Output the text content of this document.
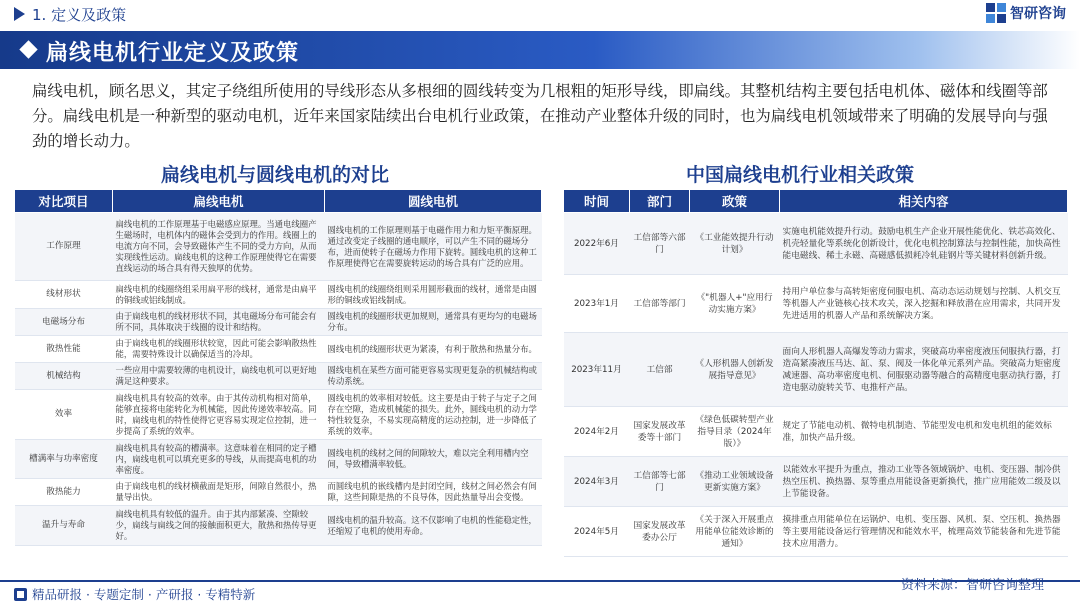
1. 定义及政策	智研咨询
扁线电机行业定义及政策

扁线电机，顾名思义，其定子绕组所使用的导线形态从多根细的圆线转变为几根粗的矩形导线，即扁线。其整机结构主要包括电机体、磁体和线圈等部分。扁线电机是一种新型的驱动电机，近年来国家陆续出台电机行业政策，在推动产业整体升级的同时，也为扁线电机领域带来了明确的发展导向与强劲的增长动力。

扁线电机与圆线电机的对比	中国扁线电机行业相关政策
对比项目	扁线电机	圆线电机
工作原理	扁线电机的工作原理基于电磁感应原理。当通电线圈产生磁场时，电机体内的磁体会受到力的作用。线圈上的电流方向不同，会导致磁体产生不同的受力方向，从而实现线性运动。扁线电机的这种工作原理使得它在需要直线运动的场合具有得天独厚的优势。	圆线电机的工作原理则基于电磁作用力和力矩平衡原理。通过改变定子线圈的通电顺序，可以产生不同的磁场分布，进而使转子在磁场力作用下旋转。圆线电机的这种工作原理使得它在需要旋转运动的场合具有广泛的应用。
线材形状	扁线电机的线圈绕组采用扁平形的线材，通常是由扁平的铜线或铝线制成。	圆线电机的线圈绕组则采用圆形截面的线材，通常是由圆形的铜线或铝线制成。
电磁场分布	由于扁线电机的线材形状不同，其电磁场分布可能会有所不同，具体取决于线圈的设计和结构。	圆线电机的线圈形状更加规则，通常具有更均匀的电磁场分布。
散热性能	由于扁线电机的线圈形状较宽，因此可能会影响散热性能，需要特殊设计以确保适当的冷却。	圆线电机的线圈形状更为紧凑，有利于散热和热量分布。
机械结构	一些应用中需要较薄的电机设计，扁线电机可以更好地满足这种要求。	圆线电机在某些方面可能更容易实现更复杂的机械结构或传动系统。
效率	扁线电机具有较高的效率。由于其传动机构相对简单，能够直接将电能转化为机械能，因此传递效率较高。同时，扁线电机的特性使得它更容易实现定位控制，进一步提高了系统的效率。	圆线电机的效率相对较低。这主要是由于转子与定子之间存在空隙，造成机械能的损失。此外，圆线电机的动力学特性较复杂，不易实现高精度的运动控制，进一步降低了系统的效率。
槽满率与功率密度	扁线电机具有较高的槽满率。这意味着在相同的定子槽内，扁线电机可以填充更多的导线，从而提高电机的功率密度。	圆线电机的线材之间的间隙较大，难以完全利用槽内空间，导致槽满率较低。
散热能力	由于扁线电机的线材横截面是矩形，间隙自然很小，热量导出快。	而圆线电机的嵌线槽内是封闭空间，线材之间必然会有间隙，这些间隙是热的不良导体，因此热量导出会变慢。
温升与寿命	扁线电机具有较低的温升。由于其内部紧凑、空隙较少，扁线与扁线之间的接触面积更大，散热和热传导更好。	圆线电机的温升较高。这不仅影响了电机的性能稳定性，还缩短了电机的使用寿命。
时间	部门	政策	相关内容
2022年6月	工信部等六部门	《工业能效提升行动计划》	实施电机能效提升行动。鼓励电机生产企业开展性能优化、铁芯高效化、机壳轻量化等系统化创新设计，优化电机控制算法与控制性能，加快高性能电磁线、稀土永磁、高磁感低损耗冷轧硅钢片等关键材料创新升级。
2023年1月	工信部等部门	《"机器人+"应用行动实施方案》	持用户单位参与高转矩密度伺服电机、高动态运动规划与控制、人机交互等机器人产业链核心技术攻关，深入挖掘和释放潜在应用需求，共同开发先进适用的机器人产品和系统解决方案。
2023年11月	工信部	《人形机器人创新发展指导意见》	面向人形机器人高爆发等动力需求，突破高功率密度液压伺服执行器，打造高紧凑液压马达、缸、泵、阀及一体化单元系列产品。突破高力矩密度减速器、高功率密度电机、伺服驱动器等融合的高精度电驱动执行器，打造电驱动旋转关节、电推杆产品。
2024年2月	国家发展改革委等十部门	《绿色低碳转型产业指导目录（2024年版）》	规定了节能电动机、微特电机制造、节能型发电机和发电机组的能效标准，加快产品升级。
2024年3月	工信部等七部门	《推动工业领域设备更新实施方案》	以能效水平提升为重点，推动工业等各领域锅炉、电机、变压器、制冷供热空压机、换热器、泵等重点用能设备更新换代，推广应用能效二级及以上节能设备。
2024年5月	国家发展改革委办公厅	《关于深入开展重点用能单位能效诊断的通知》	摸排重点用能单位在运锅炉、电机、变压器、风机、泵、空压机、换热器等主要用能设备运行管理情况和能效水平，梳理高效节能装备和先进节能技术应用潜力。
精品研报 · 专题定制 · 产研报 · 专精特新
资料来源：智研咨询整理
